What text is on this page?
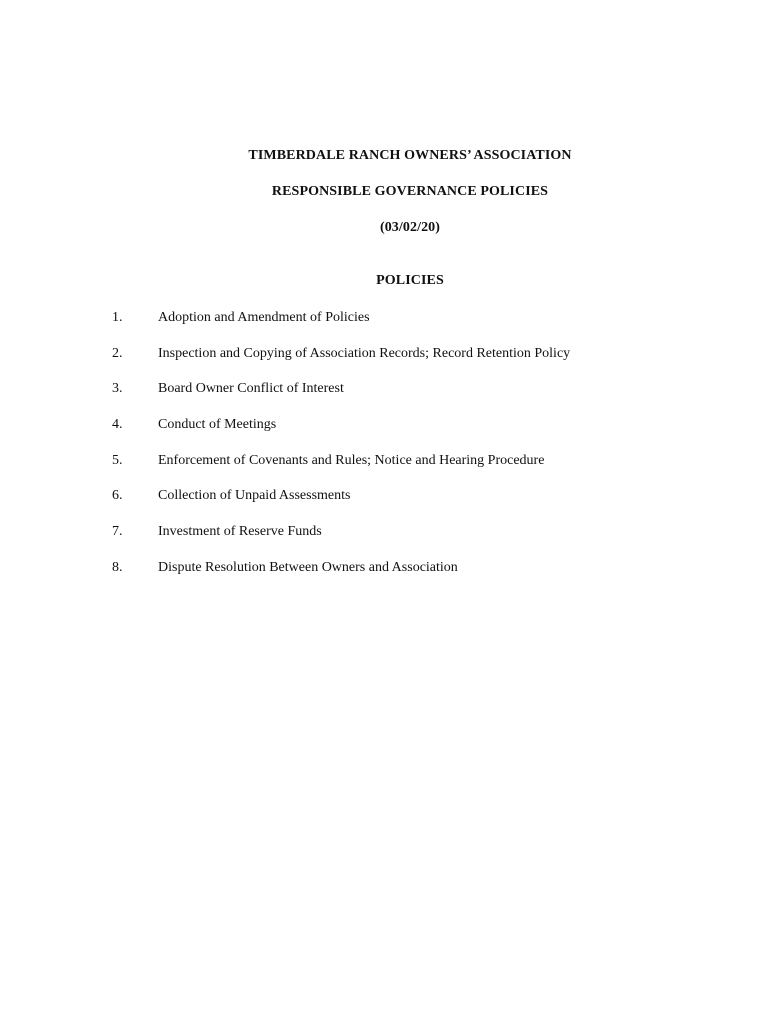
TIMBERDALE RANCH OWNERS’ ASSOCIATION
RESPONSIBLE GOVERNANCE POLICIES
(03/02/20)
POLICIES
1.	Adoption and Amendment of Policies
2.	Inspection and Copying of Association Records; Record Retention Policy
3.	Board Owner Conflict of Interest
4.	Conduct of Meetings
5.	Enforcement of Covenants and Rules; Notice and Hearing Procedure
6.	Collection of Unpaid Assessments
7.	Investment of Reserve Funds
8.	Dispute Resolution Between Owners and Association
